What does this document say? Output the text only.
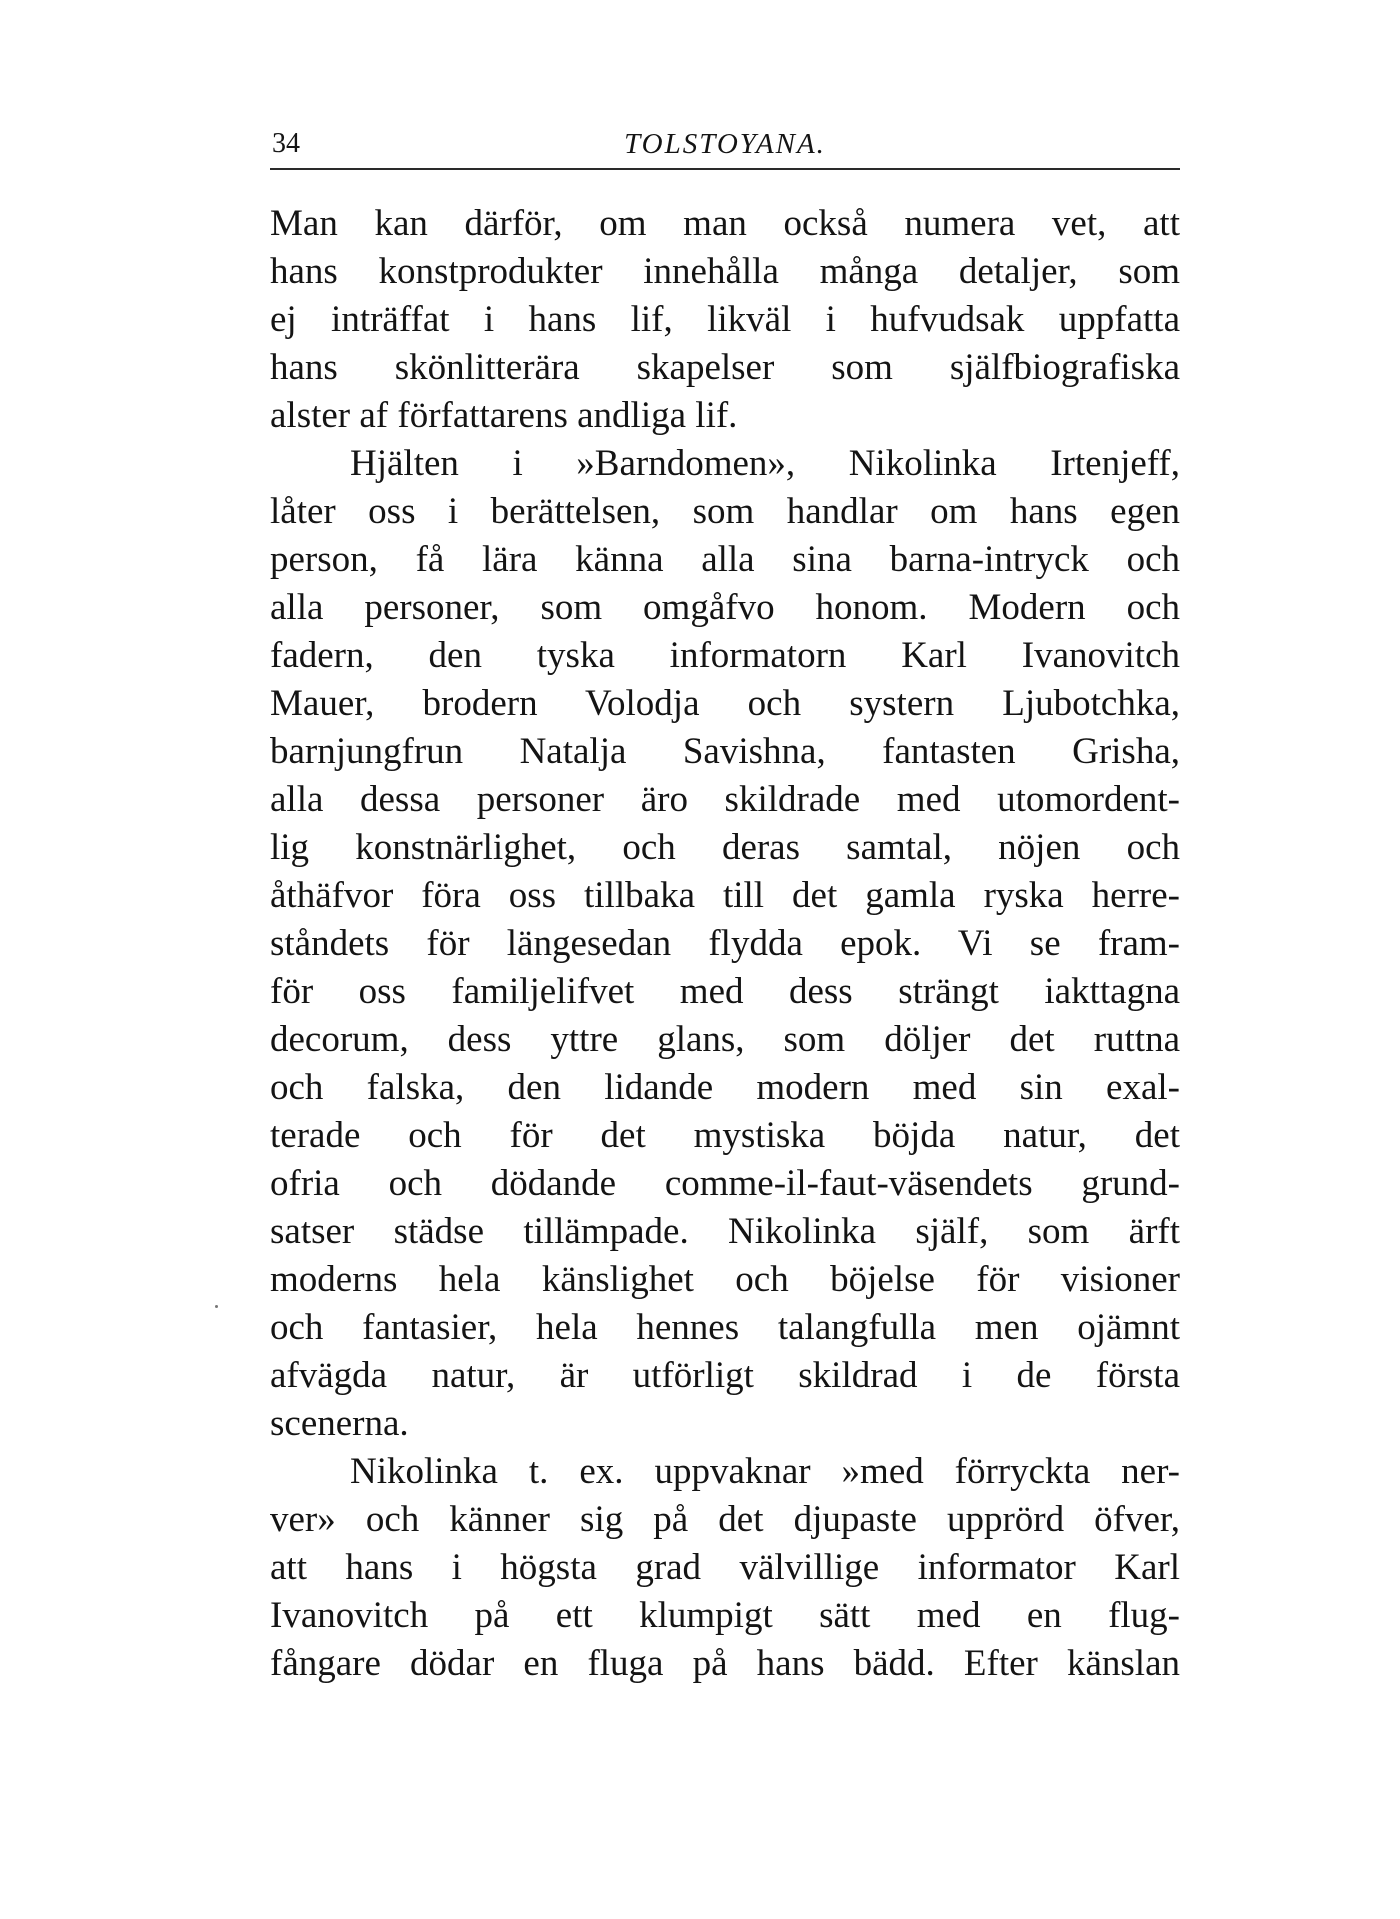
34	TOLSTOYANA.
Man kan därför, om man också numera vet, att
hans konstprodukter innehålla många detaljer, som
ej inträffat i hans lif, likväl i hufvudsak uppfatta
hans skönlitterära skapelser som själfbiografiska
alster af författarens andliga lif.
Hjälten i »Barndomen», Nikolinka Irtenjeff,
låter oss i berättelsen, som handlar om hans egen
person, få lära känna alla sina barna-intryck och
alla personer, som omgåfvo honom. Modern och
fadern, den tyska informatorn Karl Ivanovitch
Mauer, brodern Volodja och systern Ljubotchka,
barnjungfrun Natalja Savishna, fantasten Grisha,
alla dessa personer äro skildrade med utomordent-
lig konstnärlighet, och deras samtal, nöjen och
åthäfvor föra oss tillbaka till det gamla ryska herre-
ståndets för längesedan flydda epok. Vi se fram-
för oss familjelifvet med dess strängt iakttagna
decorum, dess yttre glans, som döljer det ruttna
och falska, den lidande modern med sin exal-
terade och för det mystiska böjda natur, det
ofria och dödande comme-il-faut-väsendets grund-
satser städse tillämpade. Nikolinka själf, som ärft
moderns hela känslighet och böjelse för visioner
och fantasier, hela hennes talangfulla men ojämnt
afvägda natur, är utförligt skildrad i de första
scenerna.
Nikolinka t. ex. uppvaknar »med förryckta ner-
ver» och känner sig på det djupaste upprörd öfver,
att hans i högsta grad välvillige informator Karl
Ivanovitch på ett klumpigt sätt med en flug-
fångare dödar en fluga på hans bädd. Efter känslan
